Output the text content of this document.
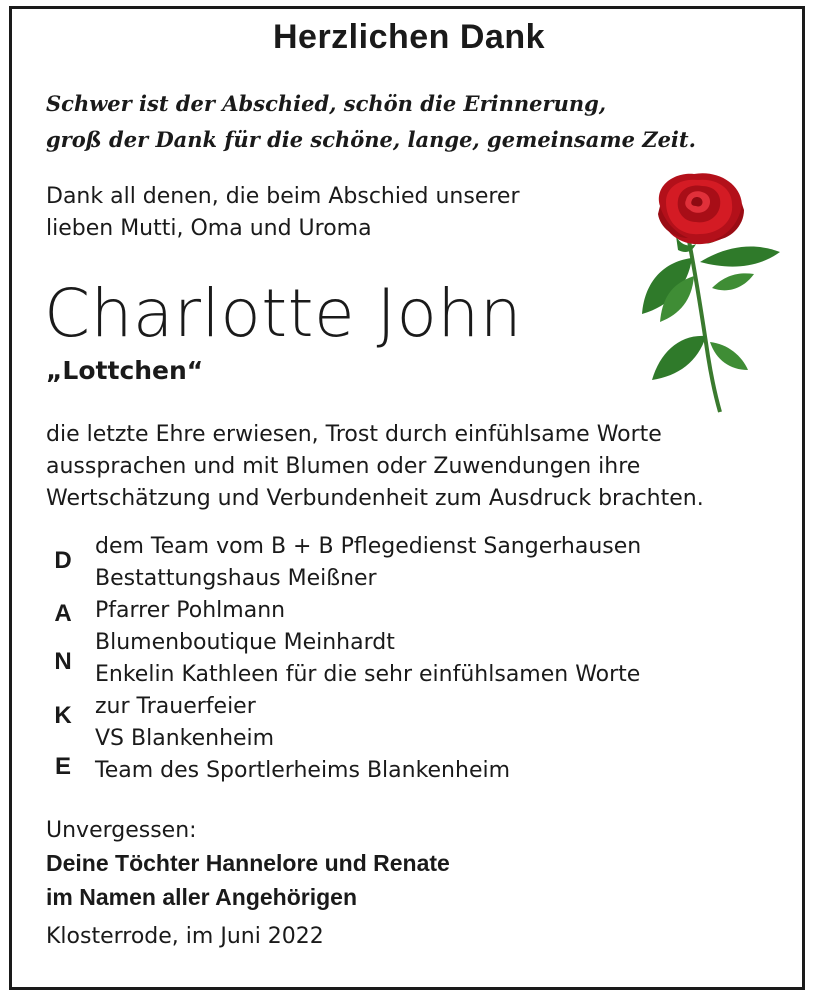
Herzlichen Dank
Schwer ist der Abschied, schön die Erinnerung,
groß der Dank für die schöne, lange, gemeinsame Zeit.
Dank all denen, die beim Abschied unserer
lieben Mutti, Oma und Uroma
Charlotte John
„Lottchen“
die letzte Ehre erwiesen, Trost durch einfühlsame Worte
aussprachen und mit Blumen oder Zuwendungen ihre
Wertschätzung und Verbundenheit zum Ausdruck brachten.
D
A
N
K
E
dem Team vom B + B Pflegedienst Sangerhausen
Bestattungshaus Meißner
Pfarrer Pohlmann
Blumenboutique Meinhardt
Enkelin Kathleen für die sehr einfühlsamen Worte
zur Trauerfeier
VS Blankenheim
Team des Sportlerheims Blankenheim
Unvergessen:
Deine Töchter Hannelore und Renate
im Namen aller Angehörigen
Klosterrode, im Juni 2022
